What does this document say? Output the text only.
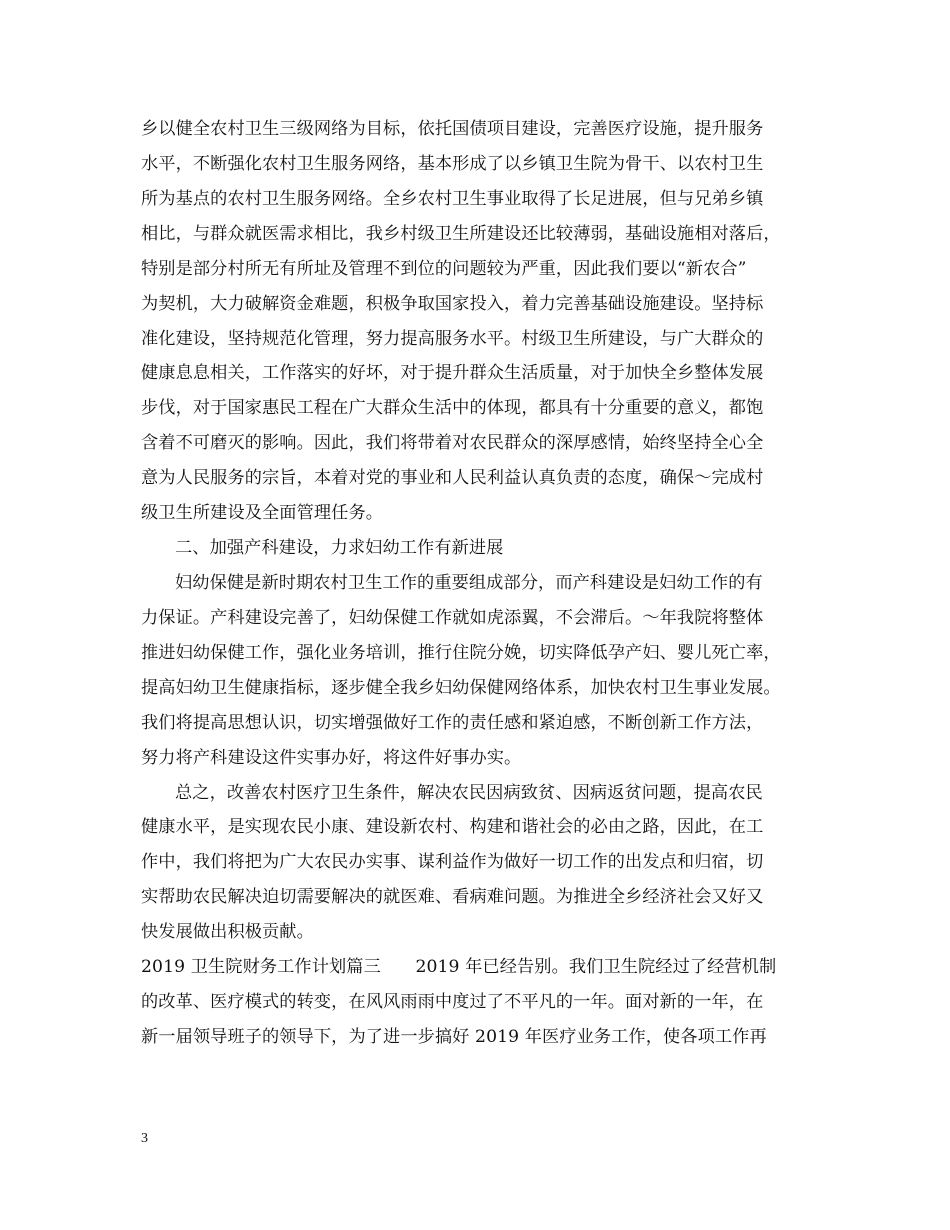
乡以健全农村卫生三级网络为目标，依托国债项目建设，完善医疗设施，提升服务
水平，不断强化农村卫生服务网络，基本形成了以乡镇卫生院为骨干、以农村卫生
所为基点的农村卫生服务网络。全乡农村卫生事业取得了长足进展，但与兄弟乡镇
相比，与群众就医需求相比，我乡村级卫生所建设还比较薄弱，基础设施相对落后，
特别是部分村所无有所址及管理不到位的问题较为严重，因此我们要以“新农合”
为契机，大力破解资金难题，积极争取国家投入，着力完善基础设施建设。坚持标
准化建设，坚持规范化管理，努力提高服务水平。村级卫生所建设，与广大群众的
健康息息相关，工作落实的好坏，对于提升群众生活质量，对于加快全乡整体发展
步伐，对于国家惠民工程在广大群众生活中的体现，都具有十分重要的意义，都饱
含着不可磨灭的影响。因此，我们将带着对农民群众的深厚感情，始终坚持全心全
意为人民服务的宗旨，本着对党的事业和人民利益认真负责的态度，确保～完成村
级卫生所建设及全面管理任务。
二、加强产科建设，力求妇幼工作有新进展
妇幼保健是新时期农村卫生工作的重要组成部分，而产科建设是妇幼工作的有
力保证。产科建设完善了，妇幼保健工作就如虎添翼，不会滞后。～年我院将整体
推进妇幼保健工作，强化业务培训，推行住院分娩，切实降低孕产妇、婴儿死亡率，
提高妇幼卫生健康指标，逐步健全我乡妇幼保健网络体系，加快农村卫生事业发展。
我们将提高思想认识，切实增强做好工作的责任感和紧迫感，不断创新工作方法，
努力将产科建设这件实事办好，将这件好事办实。
总之，改善农村医疗卫生条件，解决农民因病致贫、因病返贫问题，提高农民
健康水平，是实现农民小康、建设新农村、构建和谐社会的必由之路，因此，在工
作中，我们将把为广大农民办实事、谋利益作为做好一切工作的出发点和归宿，切
实帮助农民解决迫切需要解决的就医难、看病难问题。为推进全乡经济社会又好又
快发展做出积极贡献。
2019 卫生院财务工作计划篇三　　2019 年已经告别。我们卫生院经过了经营机制
的改革、医疗模式的转变，在风风雨雨中度过了不平凡的一年。面对新的一年，在
新一届领导班子的领导下，为了进一步搞好 2019 年医疗业务工作，使各项工作再
3
